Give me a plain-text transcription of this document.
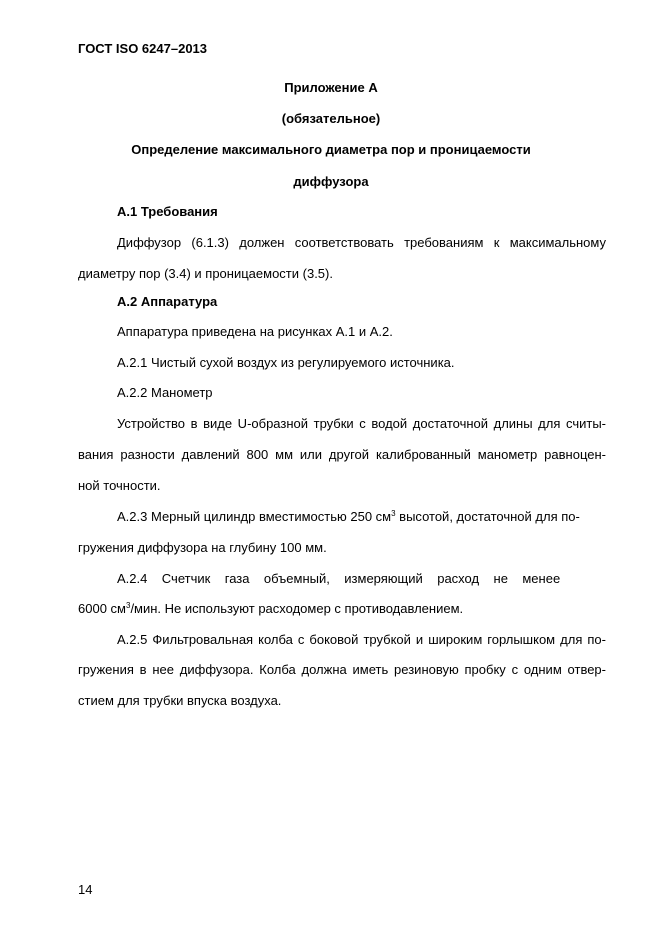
ГОСТ ISO 6247–2013
Приложение А
(обязательное)
Определение максимального диаметра пор и проницаемости
диффузора
А.1 Требования
Диффузор (6.1.3) должен соответствовать требованиям к максимальному
диаметру пор (3.4) и проницаемости (3.5).
А.2 Аппаратура
Аппаратура приведена на рисунках А.1 и А.2.
А.2.1 Чистый сухой воздух из регулируемого источника.
А.2.2 Манометр
Устройство в виде U-образной трубки с водой достаточной длины для считы-
вания разности давлений 800 мм или другой калиброванный манометр равноцен-
ной точности.
А.2.3 Мерный цилиндр вместимостью 250 $см^3$ высотой, достаточной для по-
гружения диффузора на глубину 100 мм.
А.2.4    Счетчик    газа    объемный,    измеряющий    расход    не    менее
6000 $см^3$/мин. Не используют расходомер с противодавлением.
А.2.5 Фильтровальная колба с боковой трубкой и широким горлышком для по-
гружения в нее диффузора. Колба должна иметь резиновую пробку с одним отвер-
стием для трубки впуска воздуха.
14
